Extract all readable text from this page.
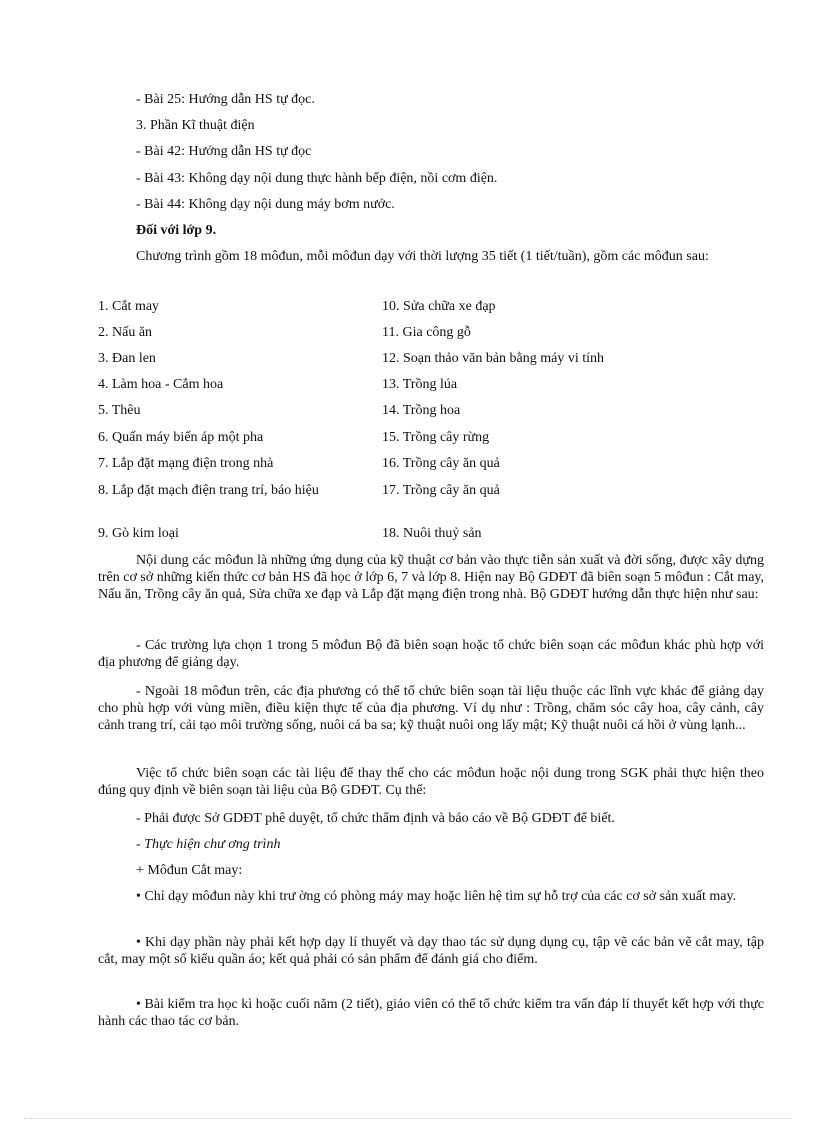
- Bài 25: Hướng dẫn HS tự đọc.
3. Phần Kĩ thuật điện
- Bài 42: Hướng dẫn HS tự đọc
- Bài 43: Không dạy nội dung thực hành bếp điện, nồi cơm điện.
- Bài 44: Không dạy nội dung máy bơm nước.
Đối với lớp 9.
Chương trình gồm 18 môđun, mỗi môđun dạy với thời lượng 35 tiết (1 tiết/tuần), gồm các môđun sau:
1. Cắt may	10. Sửa chữa xe đạp
2. Nấu ăn	11. Gia công gỗ
3. Đan len	12. Soạn thảo văn bản bằng máy vi tính
4. Làm hoa - Cắm hoa	13. Trồng lúa
5. Thêu	14. Trồng hoa
6. Quấn máy biến áp một pha	15. Trồng cây rừng
7. Lắp đặt mạng điện trong nhà	16. Trồng cây ăn quả
8. Lắp đặt mạch điện trang trí, báo hiệu	17. Trồng cây ăn quả
9. Gò kim loại	18. Nuôi thuỷ sản
Nội dung các môđun là những ứng dụng của kỹ thuật cơ bản vào thực tiễn sản xuất và đời sống, được xây dựng trên cơ sở những kiến thức cơ bản HS đã học ở lớp 6, 7 và lớp 8. Hiện nay Bộ GDĐT đã biên soạn 5 môđun : Cắt may, Nấu ăn, Trồng cây ăn quả, Sửa chữa xe đạp và Lắp đặt mạng điện trong nhà. Bộ GDĐT hướng dẫn thực hiện như sau:
- Các trường lựa chọn 1 trong 5 môđun Bộ đã biên soạn hoặc tổ chức biên soạn các môđun khác phù hợp với địa phương để giảng dạy.
- Ngoài 18 môđun trên, các địa phương có thể tổ chức biên soạn tài liệu thuộc các lĩnh vực khác để giảng dạy cho phù hợp với vùng miền, điều kiện thực tế của địa phương. Ví dụ như : Trồng, chăm sóc cây hoa, cây cảnh, cây cảnh trang trí, cải tạo môi trường sống, nuôi cá ba sa; kỹ thuật nuôi ong lấy mật; Kỹ thuật nuôi cá hồi ở vùng lạnh...
Việc tổ chức biên soạn các tài liệu để thay thế cho các môđun hoặc nội dung trong SGK phải thực hiện theo đúng quy định về biên soạn tài liệu của Bộ GDĐT. Cụ thể:
- Phải được Sở GDĐT phê duyệt, tổ chức thẩm định và báo cáo về Bộ GDĐT để biết.
- Thực hiện chư ơng trình
+ Môđun Cắt may:
• Chỉ dạy môđun này khi trư ờng có phòng máy may hoặc liên hệ tìm sự hỗ trợ của các cơ sở sản xuất may.
• Khi dạy phần này phải kết hợp dạy lí thuyết và dạy thao tác sử dụng dụng cụ, tập vẽ các bản vẽ cắt may, tập cắt, may một số kiểu quần áo; kết quả phải có sản phẩm để đánh giá cho điểm.
• Bài kiểm tra học kì hoặc cuối năm (2 tiết), giáo viên có thể tổ chức kiểm tra vấn đáp lí thuyết kết hợp với thực hành các thao tác cơ bản.
